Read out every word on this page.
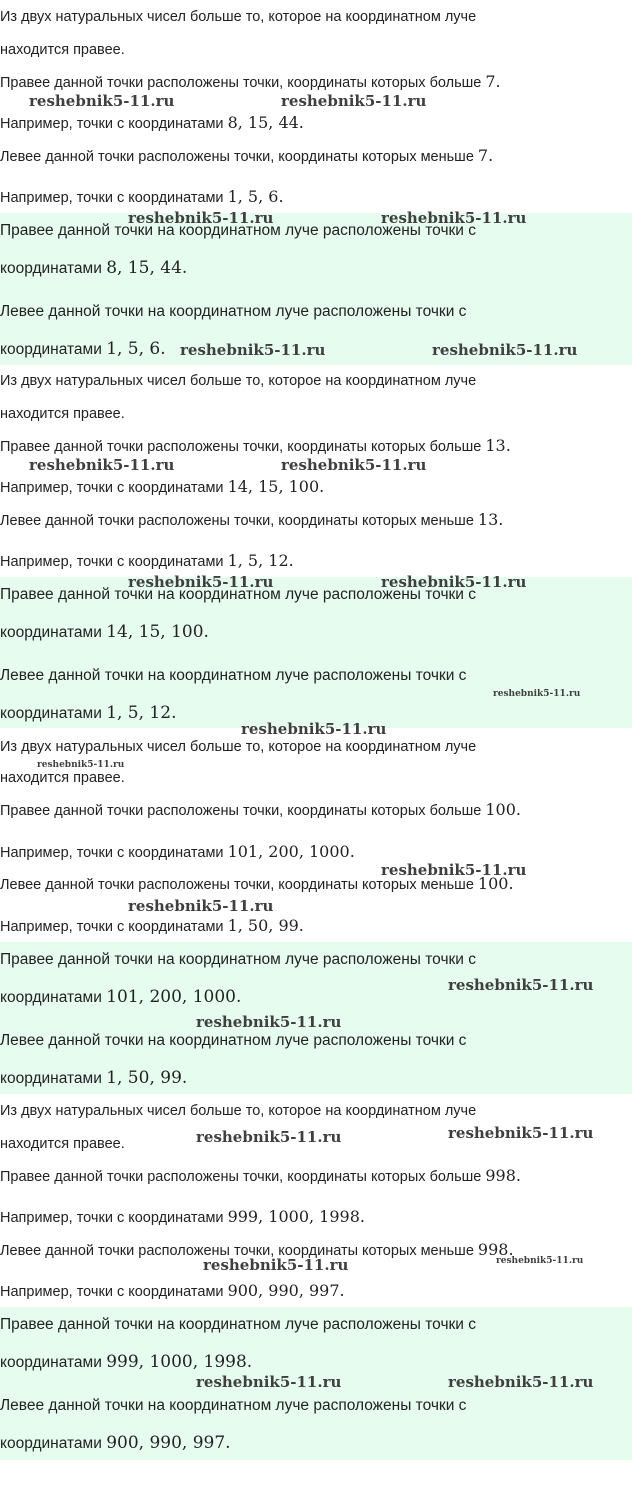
Из двух натуральных чисел больше то, которое на координатном луче

находится правее.

Правее данной точки расположены точки, координаты которых больше 7.

Например, точки с координатами 8, 15, 44.

Левее данной точки расположены точки, координаты которых меньше 7.

Например, точки с координатами 1, 5, 6.

Правее данной точки на координатном луче расположены точки с

координатами 8, 15, 44.

Левее данной точки на координатном луче расположены точки с

координатами 1, 5, 6.

Из двух натуральных чисел больше то, которое на координатном луче

находится правее.

Правее данной точки расположены точки, координаты которых больше 13.

Например, точки с координатами 14, 15, 100.

Левее данной точки расположены точки, координаты которых меньше 13.

Например, точки с координатами 1, 5, 12.

Правее данной точки на координатном луче расположены точки с

координатами 14, 15, 100.

Левее данной точки на координатном луче расположены точки с

координатами 1, 5, 12.

Из двух натуральных чисел больше то, которое на координатном луче

находится правее.

Правее данной точки расположены точки, координаты которых больше 100.

Например, точки с координатами 101, 200, 1000.

Левее данной точки расположены точки, координаты которых меньше 100.

Например, точки с координатами 1, 50, 99.

Правее данной точки на координатном луче расположены точки с

координатами 101, 200, 1000.

Левее данной точки на координатном луче расположены точки с

координатами 1, 50, 99.

Из двух натуральных чисел больше то, которое на координатном луче

находится правее.

Правее данной точки расположены точки, координаты которых больше 998.

Например, точки с координатами 999, 1000, 1998.

Левее данной точки расположены точки, координаты которых меньше 998.

Например, точки с координатами 900, 990, 997.

Правее данной точки на координатном луче расположены точки с

координатами 999, 1000, 1998.

Левее данной точки на координатном луче расположены точки с

координатами 900, 990, 997.

reshebnik5-11.ru	reshebnik5-11.ru
reshebnik5-11.ru	reshebnik5-11.ru
reshebnik5-11.ru	reshebnik5-11.ru
reshebnik5-11.ru	reshebnik5-11.ru
reshebnik5-11.ru	reshebnik5-11.ru
reshebnik5-11.ru
reshebnik5-11.ru
reshebnik5-11.ru
reshebnik5-11.ru
reshebnik5-11.ru
reshebnik5-11.ru
reshebnik5-11.ru
reshebnik5-11.ru	reshebnik5-11.ru
reshebnik5-11.ru	reshebnik5-11.ru
reshebnik5-11.ru	reshebnik5-11.ru
